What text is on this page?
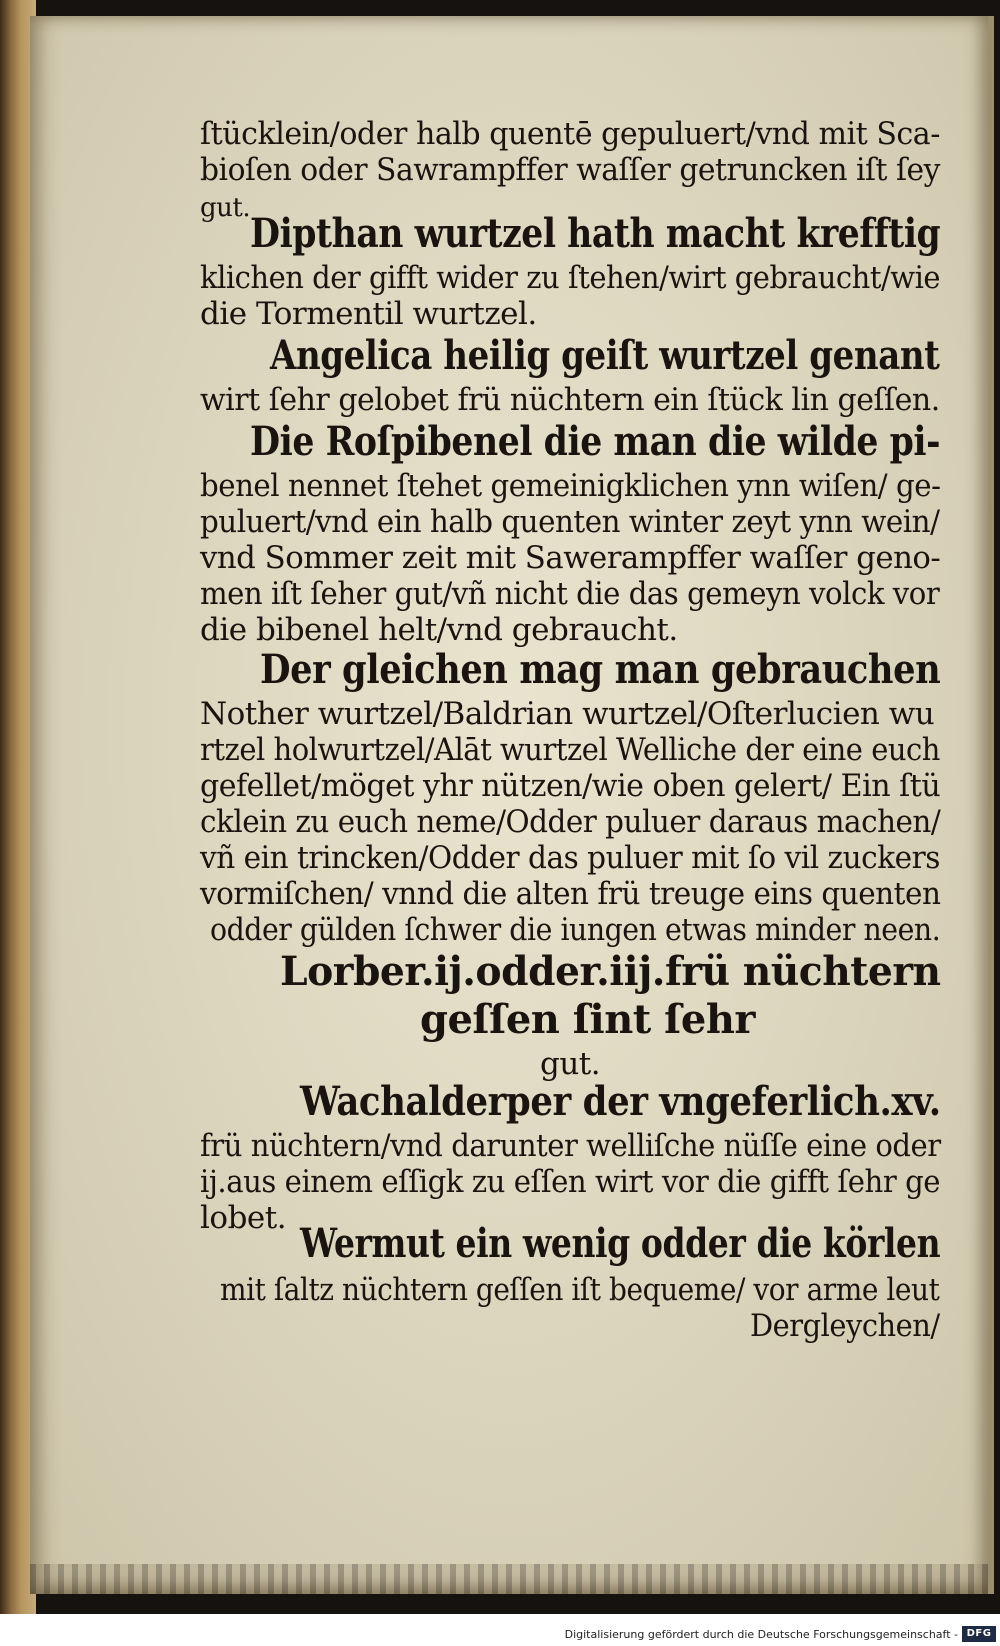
ſtücklein/oder halb quentē gepuluert/vnd mit Sca‑
bioſen oder Sawrampffer waſſer getruncken iſt ſey
gut.
Dipthan wurtzel hath macht krefftig
klichen der gifft wider zu ſtehen/wirt gebraucht/wie
die Tormentil wurtzel.
Angelica heilig geiſt wurtzel genant
wirt ſehr gelobet frü nüchtern ein ſtück lin geſſen.
Die Roſpibenel die man die wilde pi‑
benel nennet ſtehet gemeinigklichen ynn wiſen/ ge‑
puluert/vnd ein halb quenten winter zeyt ynn wein/
vnd Sommer zeit mit Sawerampffer waſſer geno‑
men iſt ſeher gut/vñ nicht die das gemeyn volck vor
die bibenel helt/vnd gebraucht.
Der gleichen mag man gebrauchen
Nother wurtzel/Baldrian wurtzel/Oſterlucien wu
rtzel holwurtzel/Alāt wurtzel Welliche der eine euch
gefellet/möget yhr nützen/wie oben gelert/ Ein ſtü
cklein zu euch neme/Odder puluer daraus machen/
vñ ein trincken/Odder das puluer mit ſo vil zuckers
vormiſchen/ vnnd die alten frü treuge eins quenten
odder gülden ſchwer die iungen etwas minder neen.
Lorber.ij.odder.iij.frü nüchtern
geſſen ſint ſehr
gut.
Wachalderper der vngeferlich.xv.
frü nüchtern/vnd darunter welliſche nüſſe eine oder
ij.aus einem eſſigk zu eſſen wirt vor die gifft ſehr ge
lobet.
Wermut ein wenig odder die körlen
mit ſaltz nüchtern geſſen iſt bequeme/ vor arme leut
Dergleychen/
Digitalisierung gefördert durch die Deutsche Forschungsgemeinschaft - DFG
